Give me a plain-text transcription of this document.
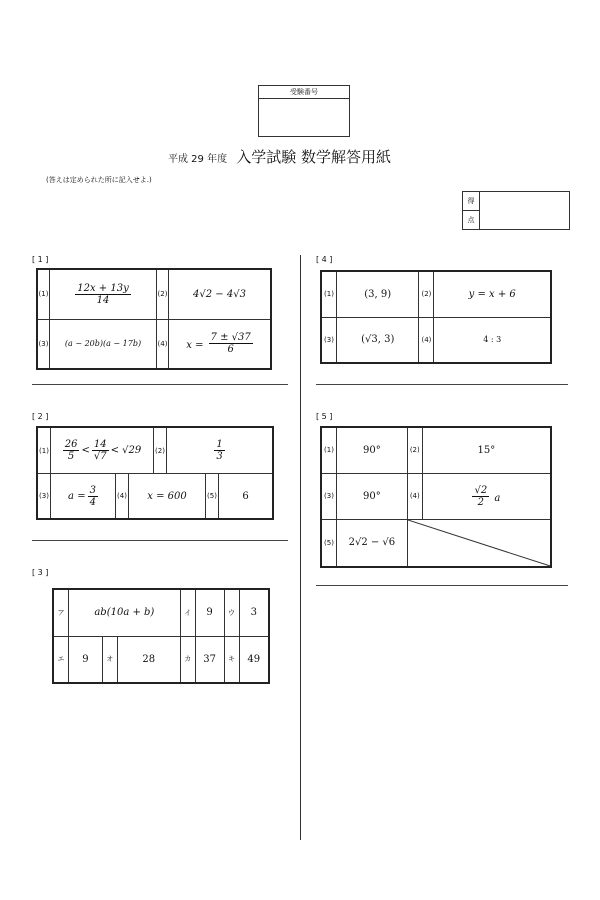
受験番号
平成 29 年度 入学試験 数学解答用紙
(答えは定められた所に記入せよ.)
得
点
[ 1 ]
(1)	$\frac{12x + 13y}{14}$	(2)	4√2 − 4√3
(3)	(a − 20b)(a − 17b)	(4)	$x = \frac{7 \pm √37}{6}$
[ 2 ]
$(1) \frac{26}{5} < \frac{14}{√7} < √29$ (2)	$\frac{1}{3}$
(3) $a = \frac{3}{4}$	(4)	x = 600	(5)	6
[ 3 ]
ア	ab(10a + b)			イ	9	ウ	3
エ	9	オ	28	カ	37	キ	49
[ 4 ]
(1)	(3, 9)	(2)	y = x + 6
(3)	(√3, 3)	(4)	4 : 3
[ 5 ]
(1)	90°	(2)	15°
(3)	90°	(4)	$\frac{√2}{2}$ a
(5)	2√2 − √6	
